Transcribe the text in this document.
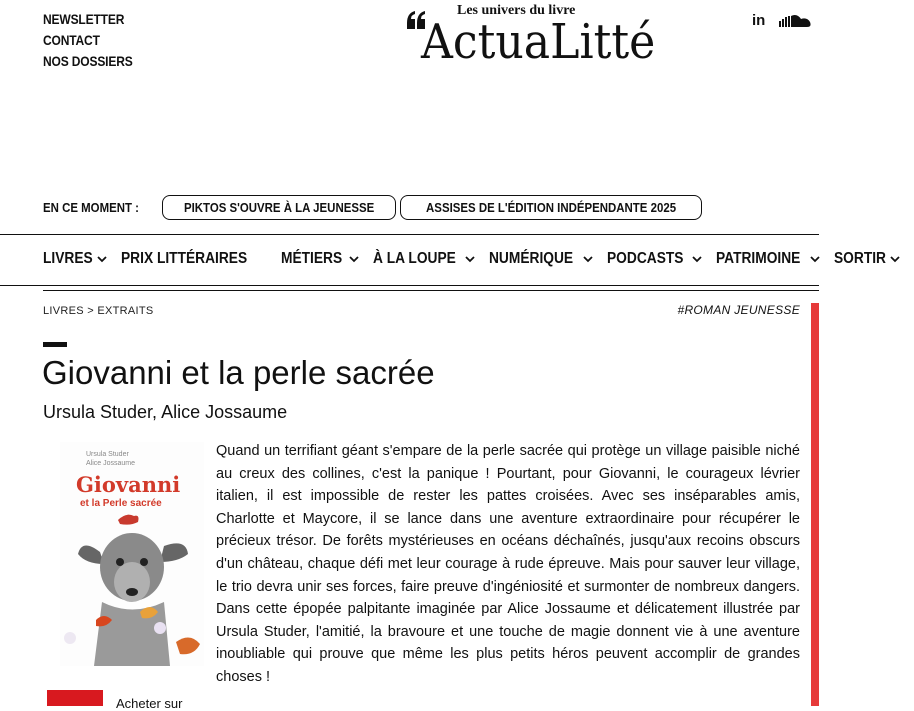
NEWSLETTER
CONTACT
NOS DOSSIERS
Les univers du livre
ActuaLitté	in
EN CE MOMENT :	PIKTOS S'OUVRE À LA JEUNESSE	ASSISES DE L'ÉDITION INDÉPENDANTE 2025
LIVRES PRIX LITTÉRAIRES MÉTIERS À LA LOUPE NUMÉRIQUE PODCASTS PATRIMOINE SORTIR
LIVRES > EXTRAITS	#ROMAN JEUNESSE
Giovanni et la perle sacrée
Ursula Studer, Alice Jossaume
Ursula Studer
Alice Jossaume
Giovanni
et la Perle sacrée

Quand un terrifiant géant s'empare de la perle sacrée qui protège un village paisible niché au creux des collines, c'est la panique ! Pourtant, pour Giovanni, le courageux lévrier italien, il est impossible de rester les pattes croisées. Avec ses inséparables amis, Charlotte et Maycore, il se lance dans une aventure extraordinaire pour récupérer le précieux trésor. De forêts mystérieuses en océans déchaînés, jusqu'aux recoins obscurs d'un château, chaque défi met leur courage à rude épreuve. Mais pour sauver leur village, le trio devra unir ses forces, faire preuve d'ingéniosité et surmonter de nombreux dangers. Dans cette épopée palpitante imaginée par Alice Jossaume et délicatement illustrée par Ursula Studer, l'amitié, la bravoure et une touche de magie donnent vie à une aventure inoubliable qui prouve que même les plus petits héros peuvent accomplir de grandes choses !

Acheter sur
